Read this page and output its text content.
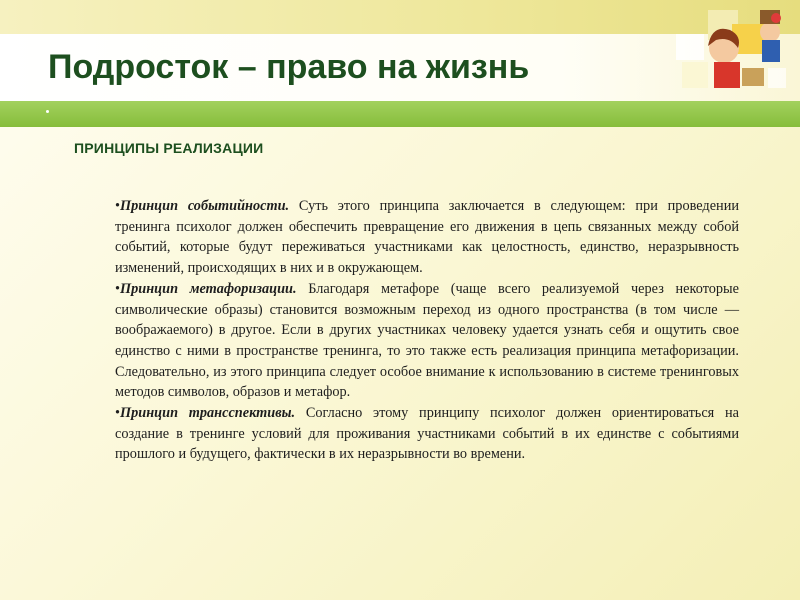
Подросток – право на жизнь
ПРИНЦИПЫ РЕАЛИЗАЦИИ

•Принцип событийности. Суть этого принципа заключается в следующем: при проведении тренинга психолог должен обеспечить превращение его движения в цепь связанных между собой событий, которые будут переживаться участниками как целостность, единство, неразрывность изменений, происходящих в них и в окружающем.

•Принцип метафоризации. Благодаря метафоре (чаще всего реализуемой через некоторые символические образы) становится возможным переход из одного пространства (в том числе — воображаемого) в другое. Если в других участниках человеку удается узнать себя и ощутить свое единство с ними в пространстве тренинга, то это также есть реализация принципа метафоризации. Следовательно, из этого принципа следует особое внимание к использованию в системе тренинговых методов символов, образов и метафор.

•Принцип трансспективы. Согласно этому принципу психолог должен ориентироваться на создание в тренинге условий для проживания участниками событий в их единстве с событиями прошлого и будущего, фактически в их неразрывности во времени.
